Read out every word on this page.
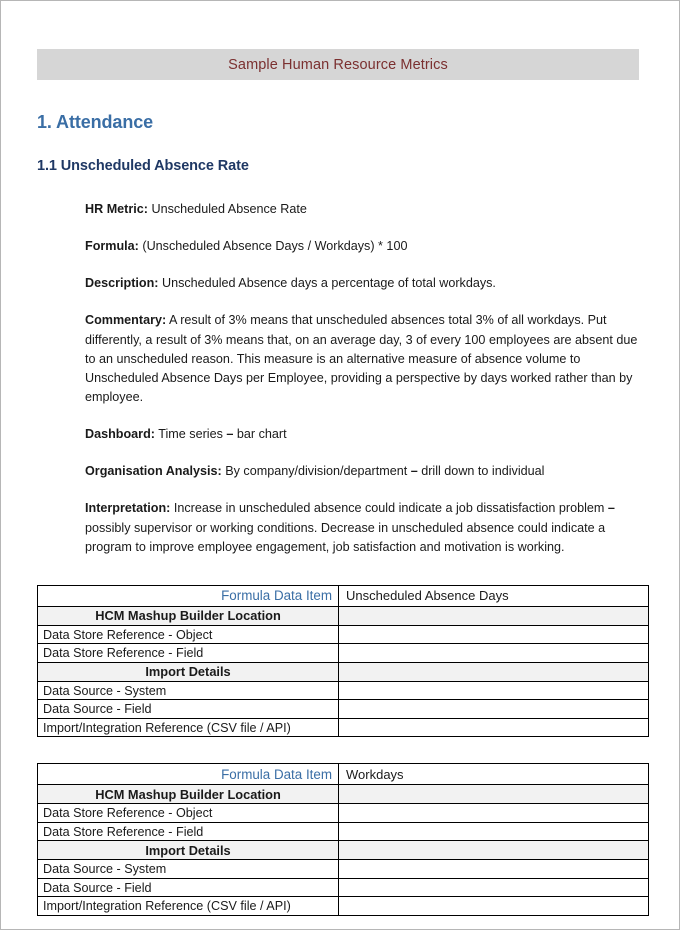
Sample Human Resource Metrics
1. Attendance
1.1 Unscheduled Absence Rate
HR Metric: Unscheduled Absence Rate
Formula: (Unscheduled Absence Days / Workdays) * 100
Description: Unscheduled Absence days a percentage of total workdays.
Commentary: A result of 3% means that unscheduled absences total 3% of all workdays. Put differently, a result of 3% means that, on an average day, 3 of every 100 employees are absent due to an unscheduled reason. This measure is an alternative measure of absence volume to Unscheduled Absence Days per Employee, providing a perspective by days worked rather than by employee.
Dashboard: Time series – bar chart
Organisation Analysis: By company/division/department – drill down to individual
Interpretation: Increase in unscheduled absence could indicate a job dissatisfaction problem – possibly supervisor or working conditions. Decrease in unscheduled absence could indicate a program to improve employee engagement, job satisfaction and motivation is working.
Formula Data Item	Unscheduled Absence Days
HCM Mashup Builder Location	
Data Store Reference - Object	
Data Store Reference - Field	
Import Details	
Data Source - System	
Data Source - Field	
Import/Integration Reference (CSV file / API)	
Formula Data Item	Workdays
HCM Mashup Builder Location	
Data Store Reference - Object	
Data Store Reference - Field	
Import Details	
Data Source - System	
Data Source - Field	
Import/Integration Reference (CSV file / API)	
